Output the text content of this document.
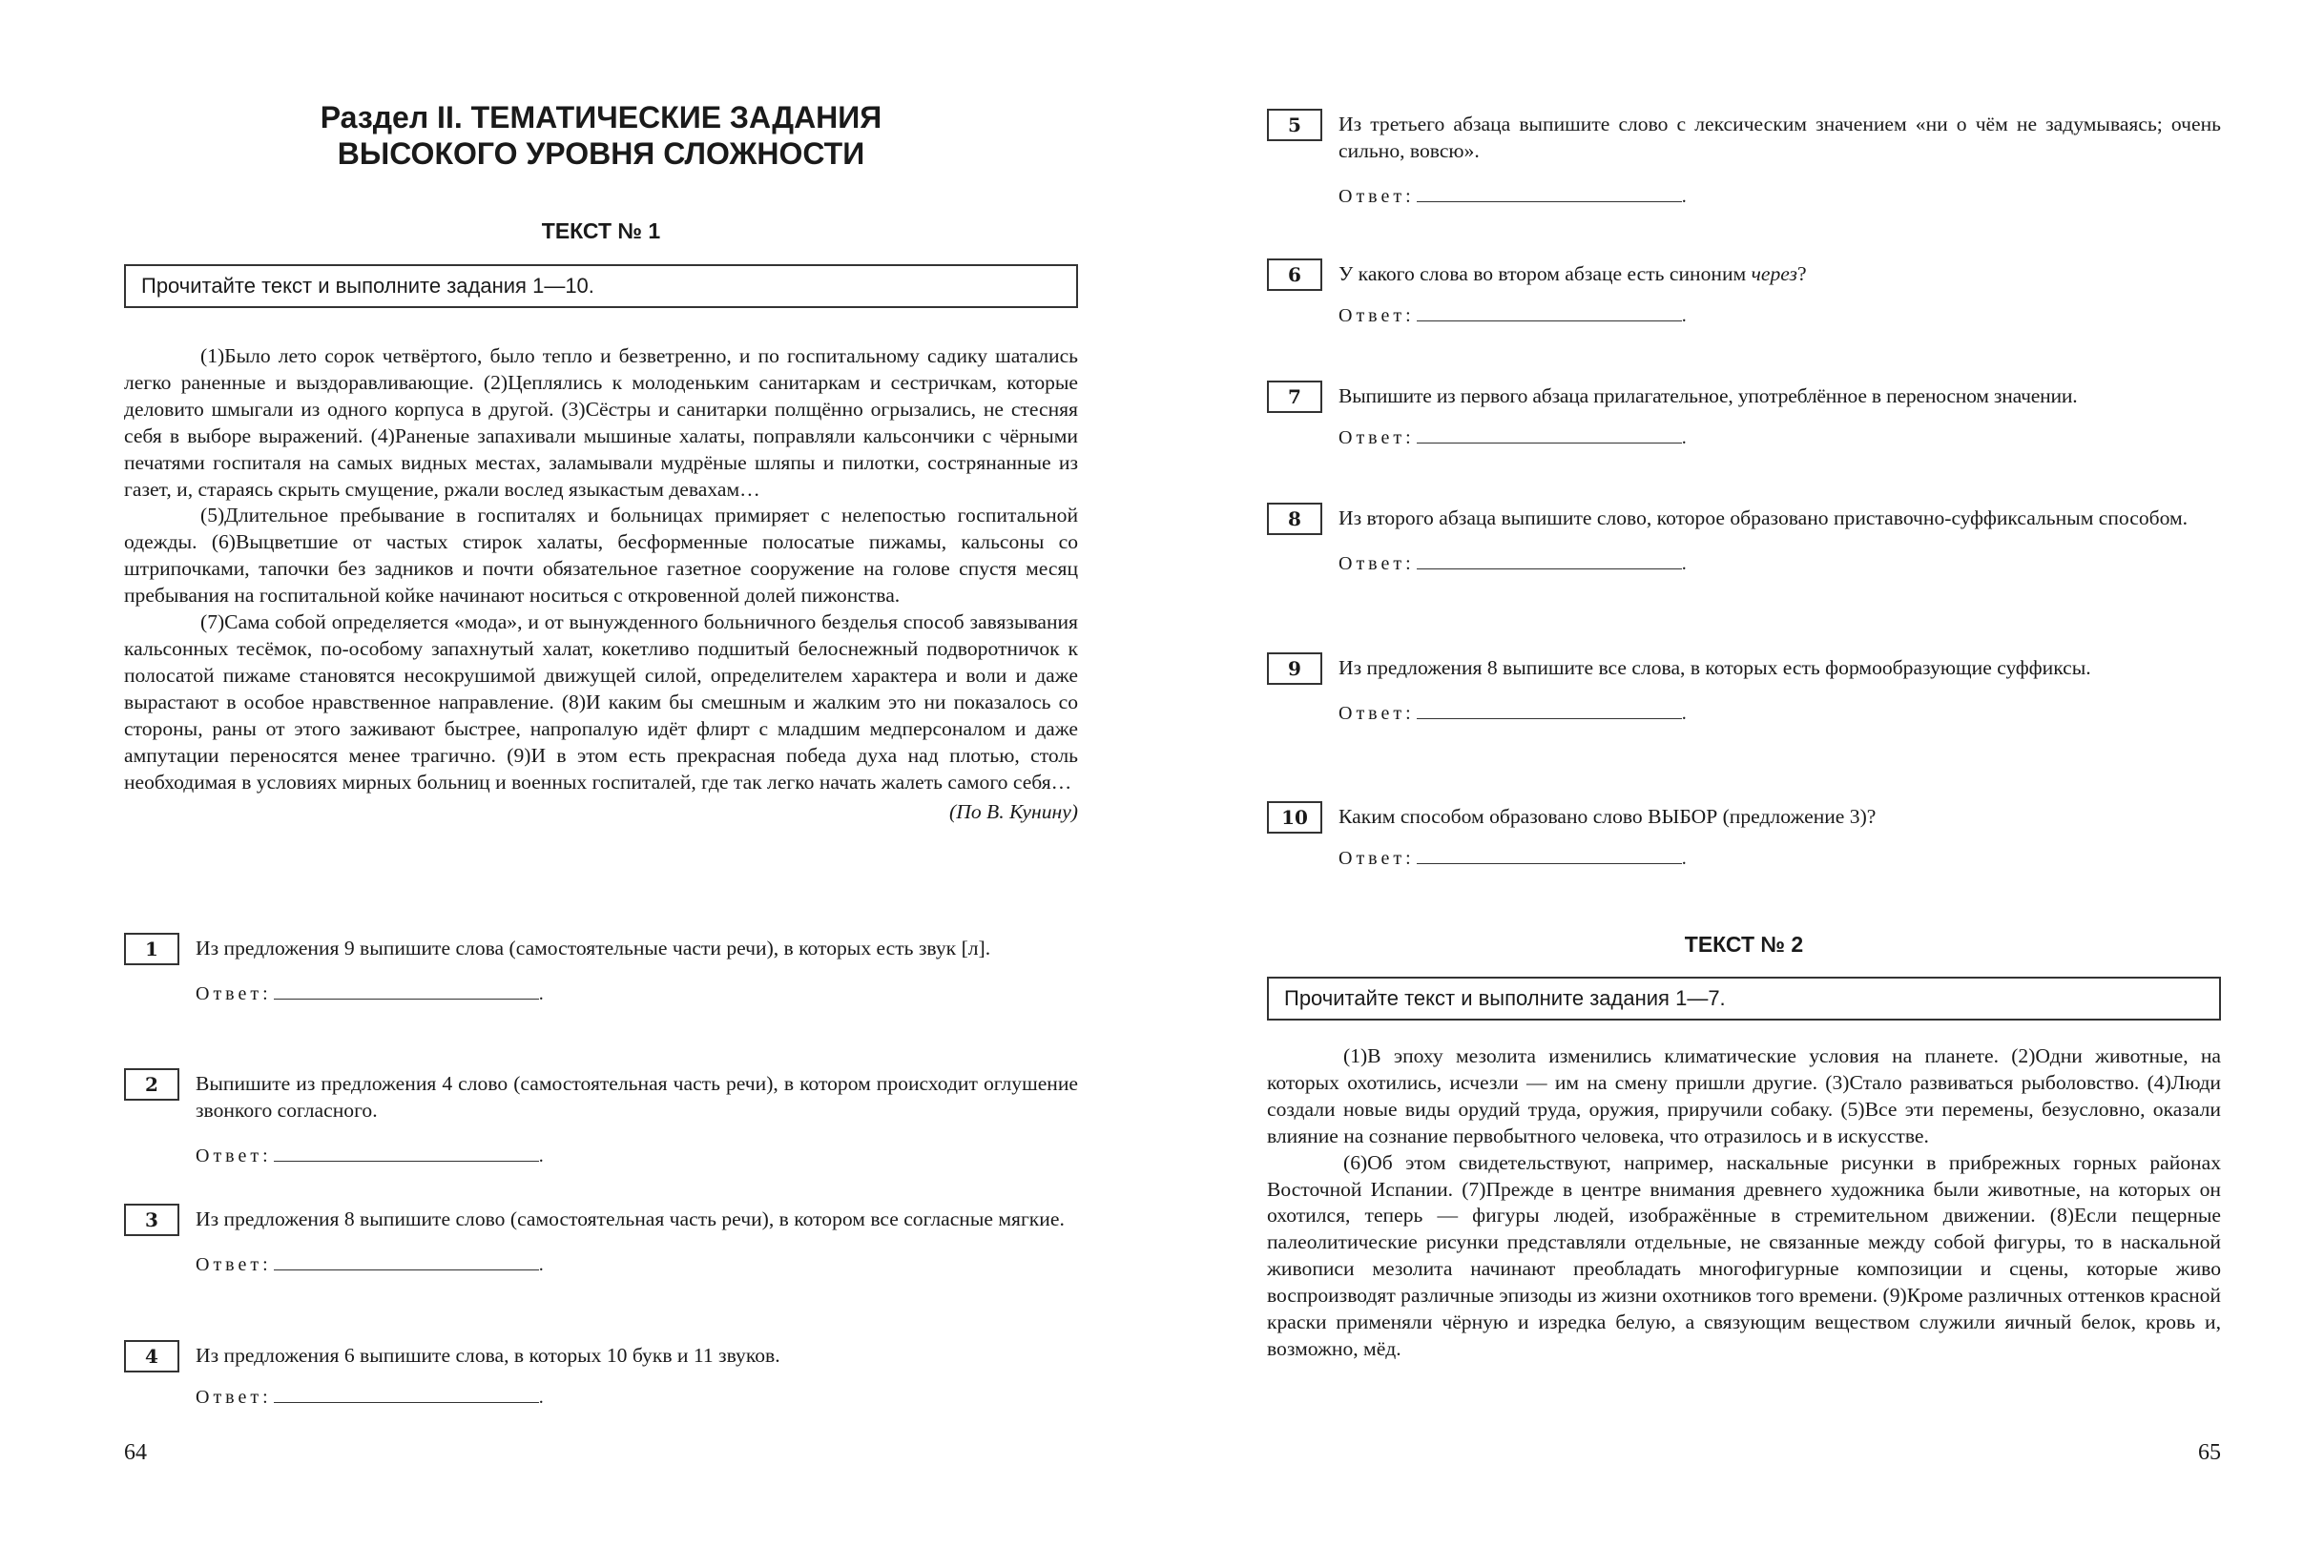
Раздел II. ТЕМАТИЧЕСКИЕ ЗАДАНИЯ
ВЫСОКОГО УРОВНЯ СЛОЖНОСТИ
ТЕКСТ № 1
Прочитайте текст и выполните задания 1—10.

(1)Было лето сорок четвёртого, было тепло и безветренно, и по госпитальному садику шатались легко раненные и выздоравливающие. (2)Цеплялись к молоденьким санитаркам и сестричкам, которые деловито шмыгали из одного корпуса в другой. (3)Сёстры и санитарки полщённо огрызались, не стесняя себя в выборе выражений. (4)Раненые запахивали мышиные халаты, поправляли кальсончики с чёрными печатями госпиталя на самых видных местах, заламывали мудрёные шляпы и пилотки, сострянанные из газет, и, стараясь скрыть смущение, ржали вослед языкастым девахам…

(5)Длительное пребывание в госпиталях и больницах примиряет с нелепостью госпитальной одежды. (6)Выцветшие от частых стирок халаты, бесформенные полосатые пижамы, кальсоны со штрипочками, тапочки без задников и почти обязательное газетное сооружение на голове спустя месяц пребывания на госпитальной койке начинают носиться с откровенной долей пижонства.

(7)Сама собой определяется «мода», и от вынужденного больничного безделья способ завязывания кальсонных тесёмок, по-особому запахнутый халат, кокетливо подшитый белоснежный подворотничок к полосатой пижаме становятся несокрушимой движущей силой, определителем характера и воли и даже вырастают в особое нравственное направление. (8)И каким бы смешным и жалким это ни показалось со стороны, раны от этого заживают быстрее, напропалую идёт флирт с младшим медперсоналом и даже ампутации переносятся менее трагично. (9)И в этом есть прекрасная победа духа над плотью, столь необходимая в условиях мирных больниц и военных госпиталей, где так легко начать жалеть самого себя…

(По В. Кунину)
1	Из предложения 9 выпишите слова (самостоятельные части речи), в которых есть звук [л].
Ответ:	.
2	Выпишите из предложения 4 слово (самостоятельная часть речи), в котором происходит оглушение звонкого согласного.
Ответ:	.
3	Из предложения 8 выпишите слово (самостоятельная часть речи), в котором все согласные мягкие.
Ответ:	.
4	Из предложения 6 выпишите слова, в которых 10 букв и 11 звуков.
Ответ:	.
64
5	Из третьего абзаца выпишите слово с лексическим значением «ни о чём не задумываясь; очень сильно, вовсю».
Ответ:	.
6	У какого слова во втором абзаце есть синоним через?
Ответ:	.
7	Выпишите из первого абзаца прилагательное, употреблённое в переносном значении.
Ответ:	.
8	Из второго абзаца выпишите слово, которое образовано приставочно-суффиксальным способом.
Ответ:	.
9	Из предложения 8 выпишите все слова, в которых есть формообразующие суффиксы.
Ответ:	.
10	Каким способом образовано слово ВЫБОР (предложение 3)?
Ответ:	.
ТЕКСТ № 2
Прочитайте текст и выполните задания 1—7.

(1)В эпоху мезолита изменились климатические условия на планете. (2)Одни животные, на которых охотились, исчезли — им на смену пришли другие. (3)Стало развиваться рыболовство. (4)Люди создали новые виды орудий труда, оружия, приручили собаку. (5)Все эти перемены, безусловно, оказали влияние на сознание первобытного человека, что отразилось и в искусстве.

(6)Об этом свидетельствуют, например, наскальные рисунки в прибрежных горных районах Восточной Испании. (7)Прежде в центре внимания древнего художника были животные, на которых он охотился, теперь — фигуры людей, изображённые в стремительном движении. (8)Если пещерные палеолитические рисунки представляли отдельные, не связанные между собой фигуры, то в наскальной живописи мезолита начинают преобладать многофигурные композиции и сцены, которые живо воспроизводят различные эпизоды из жизни охотников того времени. (9)Кроме различных оттенков красной краски применяли чёрную и изредка белую, а связующим веществом служили яичный белок, кровь и, возможно, мёд.

65
